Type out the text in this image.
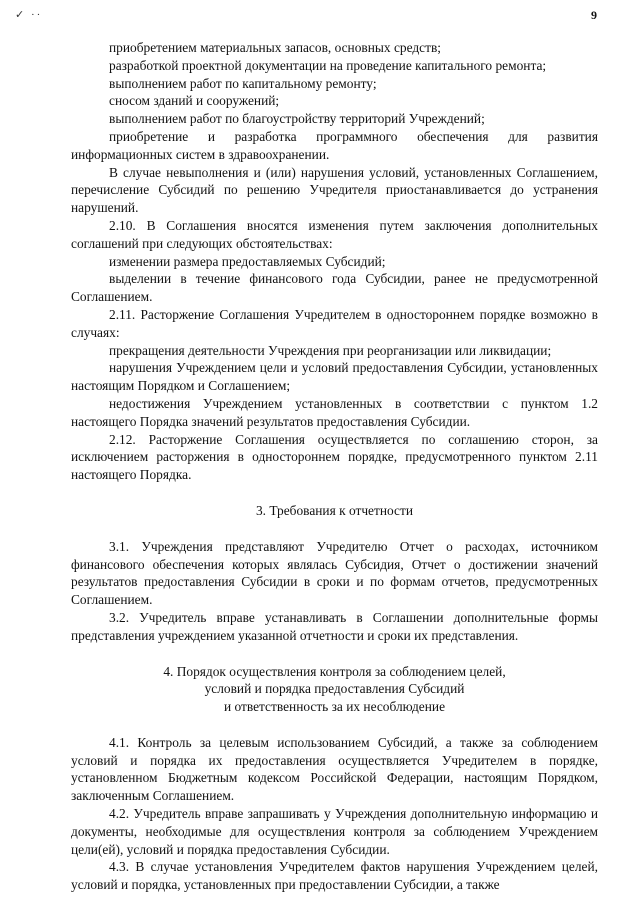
✓ ··	9

приобретением материальных запасов, основных средств;

разработкой проектной документации на проведение капитального ремонта;

выполнением работ по капитальному ремонту;

сносом зданий и сооружений;

выполнением работ по благоустройству территорий Учреждений;

приобретение и разработка программного обеспечения для развития информационных систем в здравоохранении.

В случае невыполнения и (или) нарушения условий, установленных Соглашением, перечисление Субсидий по решению Учредителя приостанавливается до устранения нарушений.

2.10. В Соглашения вносятся изменения путем заключения дополнительных соглашений при следующих обстоятельствах:

изменении размера предоставляемых Субсидий;

выделении в течение финансового года Субсидии, ранее не предусмотренной Соглашением.

2.11. Расторжение Соглашения Учредителем в одностороннем порядке возможно в случаях:

прекращения деятельности Учреждения при реорганизации или ликвидации;

нарушения Учреждением цели и условий предоставления Субсидии, установленных настоящим Порядком и Соглашением;

недостижения Учреждением установленных в соответствии с пунктом 1.2 настоящего Порядка значений результатов предоставления Субсидии.

2.12. Расторжение Соглашения осуществляется по соглашению сторон, за исключением расторжения в одностороннем порядке, предусмотренного пунктом 2.11 настоящего Порядка.

3. Требования к отчетности

3.1. Учреждения представляют Учредителю Отчет о расходах, источником финансового обеспечения которых являлась Субсидия, Отчет о достижении значений результатов предоставления Субсидии в сроки и по формам отчетов, предусмотренных Соглашением.

3.2. Учредитель вправе устанавливать в Соглашении дополнительные формы представления учреждением указанной отчетности и сроки их представления.

4. Порядок осуществления контроля за соблюдением целей,

условий и порядка предоставления Субсидий

и ответственность за их несоблюдение

4.1. Контроль за целевым использованием Субсидий, а также за соблюдением условий и порядка их предоставления осуществляется Учредителем в порядке, установленном Бюджетным кодексом Российской Федерации, настоящим Порядком, заключенным Соглашением.

4.2. Учредитель вправе запрашивать у Учреждения дополнительную информацию и документы, необходимые для осуществления контроля за соблюдением Учреждением цели(ей), условий и порядка предоставления Субсидии.

4.3. В случае установления Учредителем фактов нарушения Учреждением целей, условий и порядка, установленных при предоставлении Субсидии, а также
